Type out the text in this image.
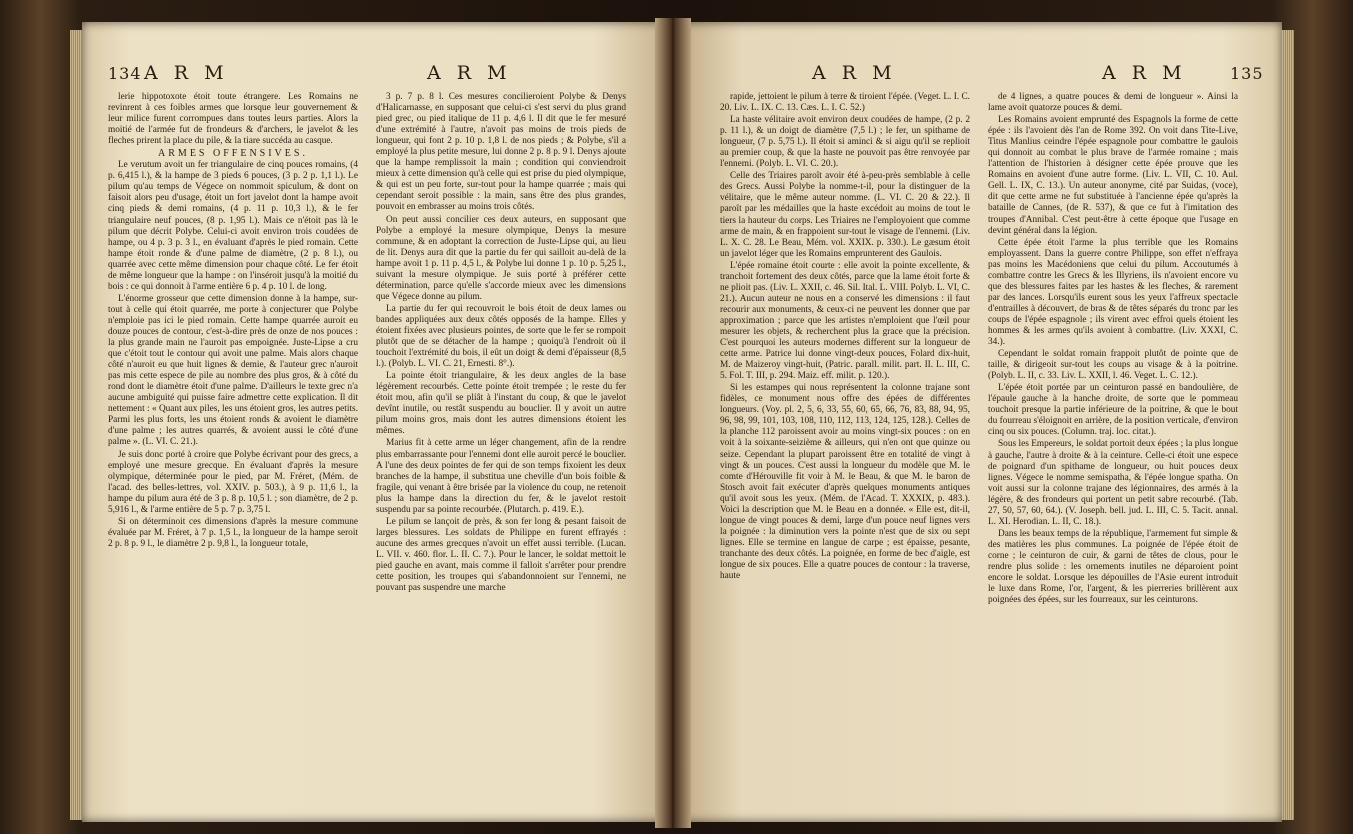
134 A R M	A R M

lerie hippotoxote étoit toute étrangere. Les Romains ne revinrent à ces foibles armes que lorsque leur gouvernement & leur milice furent corrompues dans toutes leurs parties. Alors la moitié de l'armée fut de frondeurs & d'archers, le javelot & les fleches prirent la place du pile, & la tiare succéda au casque.

ARMES OFFENSIVES.

Le verutum avoit un fer triangulaire de cinq pouces romains, (4 p. 6,415 l.), & la hampe de 3 pieds 6 pouces, (3 p. 2 p. 1,1 l.). Le pilum qu'au temps de Végece on nommoit spiculum, & dont on faisoit alors peu d'usage, étoit un fort javelot dont la hampe avoit cinq pieds & demi romains, (4 p. 11 p. 10,3 l.), & le fer triangulaire neuf pouces, (8 p. 1,95 l.). Mais ce n'étoit pas là le pilum que décrit Polybe. Celui-ci avoit environ trois coudées de hampe, ou 4 p. 3 p. 3 l., en évaluant d'après le pied romain. Cette hampe étoit ronde & d'une palme de diamètre, (2 p. 8 l.), ou quarrée avec cette même dimension pour chaque côté. Le fer étoit de même longueur que la hampe : on l'inséroit jusqu'à la moitié du bois : ce qui donnoit à l'arme entière 6 p. 4 p. 10 l. de long.

L'énorme grosseur que cette dimension donne à la hampe, sur-tout à celle qui étoit quarrée, me porte à conjecturer que Polybe n'emploie pas ici le pied romain. Cette hampe quarrée auroit eu douze pouces de contour, c'est-à-dire près de onze de nos pouces : la plus grande main ne l'auroit pas empoignée. Juste-Lipse a cru que c'étoit tout le contour qui avoit une palme. Mais alors chaque côté n'auroit eu que huit lignes & demie, & l'auteur grec n'auroit pas mis cette espece de pile au nombre des plus gros, & à côté du rond dont le diamètre étoit d'une palme. D'ailleurs le texte grec n'a aucune ambiguité qui puisse faire admettre cette explication. Il dit nettement : « Quant aux piles, les uns étoient gros, les autres petits. Parmi les plus forts, les uns étoient ronds & avoient le diamètre d'une palme ; les autres quarrés, & avoient aussi le côté d'une palme ». (L. VI. C. 21.).

Je suis donc porté à croire que Polybe écrivant pour des grecs, a employé une mesure grecque. En évaluant d'après la mesure olympique, déterminée pour le pied, par M. Fréret, (Mém. de l'acad. des belles-lettres, vol. XXIV. p. 503.), à 9 p. 11,6 l., la hampe du pilum aura été de 3 p. 8 p. 10,5 l. ; son diamètre, de 2 p. 5,916 l., & l'arme entière de 5 p. 7 p. 3,75 l.

Si on déterminoit ces dimensions d'après la mesure commune évaluée par M. Fréret, à 7 p. 1,5 l., la longueur de la hampe seroit 2 p. 8 p. 9 l., le diamètre 2 p. 9,8 l., la longueur totale,

3 p. 7 p. 8 l. Ces mesures concilieroient Polybe & Denys d'Halicarnasse, en supposant que celui-ci s'est servi du plus grand pied grec, ou pied italique de 11 p. 4,6 l. Il dit que le fer mesuré d'une extrémité à l'autre, n'avoit pas moins de trois pieds de longueur, qui font 2 p. 10 p. 1,8 l. de nos pieds ; & Polybe, s'il a employé la plus petite mesure, lui donne 2 p. 8 p. 9 l. Denys ajoute que la hampe remplissoit la main ; condition qui conviendroit mieux à cette dimension qu'à celle qui est prise du pied olympique, & qui est un peu forte, sur-tout pour la hampe quarrée ; mais qui cependant seroit possible : la main, sans être des plus grandes, pouvoit en embrasser au moins trois côtés.

On peut aussi concilier ces deux auteurs, en supposant que Polybe a employé la mesure olympique, Denys la mesure commune, & en adoptant la correction de Juste-Lipse qui, au lieu de lit. Denys aura dit que la partie du fer qui sailloit au-delà de la hampe avoit 1 p. 11 p. 4,5 l., & Polybe lui donne 1 p. 10 p. 5,25 l., suivant la mesure olympique. Je suis porté à préférer cette détermination, parce qu'elle s'accorde mieux avec les dimensions que Végece donne au pilum.

La partie du fer qui recouvroit le bois étoit de deux lames ou bandes appliquées aux deux côtés opposés de la hampe. Elles y étoient fixées avec plusieurs pointes, de sorte que le fer se rompoit plutôt que de se détacher de la hampe ; quoiqu'à l'endroit où il touchoit l'extrémité du bois, il eût un doigt & demi d'épaisseur (8,5 l.). (Polyb. L. VI. C. 21, Ernesti. 8°.).

La pointe étoit triangulaire, & les deux angles de la base légèrement recourbés. Cette pointe étoit trempée ; le reste du fer étoit mou, afin qu'il se pliât à l'instant du coup, & que le javelot devînt inutile, ou restât suspendu au bouclier. Il y avoit un autre pilum moins gros, mais dont les autres dimensions étoient les mêmes.

Marius fit à cette arme un léger changement, afin de la rendre plus embarrassante pour l'ennemi dont elle auroit percé le bouclier. A l'une des deux pointes de fer qui de son temps fixoient les deux branches de la hampe, il substitua une cheville d'un bois foible & fragile, qui venant à être brisée par la violence du coup, ne retenoit plus la hampe dans la direction du fer, & le javelot restoit suspendu par sa pointe recourbée. (Plutarch. p. 419. E.).

Le pilum se lançoit de près, & son fer long & pesant faisoit de larges blessures. Les soldats de Philippe en furent effrayés : aucune des armes grecques n'avoit un effet aussi terrible. (Lucan. L. VII. v. 460. flor. L. II. C. 7.). Pour le lancer, le soldat mettoit le pied gauche en avant, mais comme il falloit s'arrêter pour prendre cette position, les troupes qui s'abandonnoient sur l'ennemi, ne pouvant pas suspendre une marche

A R M	A R M	135

rapide, jettoient le pilum à terre & tiroient l'épée. (Veget. L. I. C. 20. Liv. L. IX. C. 13. Cæs. L. I. C. 52.)

La haste vélitaire avoit environ deux coudées de hampe, (2 p. 2 p. 11 l.), & un doigt de diamètre (7,5 l.) ; le fer, un spithame de longueur, (7 p. 5,75 l.). Il étoit si aminci & si aigu qu'il se replioit au premier coup, & que la haste ne pouvoit pas être renvoyée par l'ennemi. (Polyb. L. VI. C. 20.).

Celle des Triaires paroît avoir été à-peu-près semblable à celle des Grecs. Aussi Polybe la nomme-t-il, pour la distinguer de la vélitaire, que le même auteur nomme. (L. VI. C. 20 & 22.). Il paroît par les médailles que la haste excédoit au moins de tout le tiers la hauteur du corps. Les Triaires ne l'employoient que comme arme de main, & en frappoient sur-tout le visage de l'ennemi. (Liv. L. X. C. 28. Le Beau, Mém. vol. XXIX. p. 330.). Le gæsum étoit un javelot léger que les Romains emprunterent des Gaulois.

L'épée romaine étoit courte : elle avoit la pointe excellente, & tranchoit fortement des deux côtés, parce que la lame étoit forte & ne plioit pas. (Liv. L. XXII, c. 46. Sil. Ital. L. VIII. Polyb. L. VI, C. 21.). Aucun auteur ne nous en a conservé les dimensions : il faut recourir aux monuments, & ceux-ci ne peuvent les donner que par approximation ; parce que les artistes n'emploient que l'œil pour mesurer les objets, & recherchent plus la grace que la précision. C'est pourquoi les auteurs modernes different sur la longueur de cette arme. Patrice lui donne vingt-deux pouces, Folard dix-huit, M. de Maizeroy vingt-huit, (Patric. parall. milit. part. II. L. III, C. 5. Fol. T. III, p. 294. Maiz. eff. milit. p. 120.).

Si les estampes qui nous représentent la colonne trajane sont fidèles, ce monument nous offre des épées de différentes longueurs. (Voy. pl. 2, 5, 6, 33, 55, 60, 65, 66, 76, 83, 88, 94, 95, 96, 98, 99, 101, 103, 108, 110, 112, 113, 124, 125, 128.). Celles de la planche 112 paroissent avoir au moins vingt-six pouces : on en voit à la soixante-seizième & ailleurs, qui n'en ont que quinze ou seize. Cependant la plupart paroissent être en totalité de vingt à vingt & un pouces. C'est aussi la longueur du modèle que M. le comte d'Hérouville fit voir à M. le Beau, & que M. le baron de Stosch avoit fait exécuter d'après quelques monuments antiques qu'il avoit sous les yeux. (Mém. de l'Acad. T. XXXIX, p. 483.). Voici la description que M. le Beau en a donnée. « Elle est, dit-il, longue de vingt pouces & demi, large d'un pouce neuf lignes vers la poignée : la diminution vers la pointe n'est que de six ou sept lignes. Elle se termine en langue de carpe ; est épaisse, pesante, tranchante des deux côtés. La poignée, en forme de bec d'aigle, est longue de six pouces. Elle a quatre pouces de contour : la traverse, haute

de 4 lignes, a quatre pouces & demi de longueur ». Ainsi la lame avoit quatorze pouces & demi.

Les Romains avoient emprunté des Espagnols la forme de cette épée : ils l'avoient dès l'an de Rome 392. On voit dans Tite-Live, Titus Manlius ceindre l'épée espagnole pour combattre le gaulois qui donnoit au combat le plus brave de l'armée romaine ; mais l'attention de l'historien à désigner cette épée prouve que les Romains en avoient d'une autre forme. (Liv. L. VII, C. 10. Aul. Gell. L. IX, C. 13.). Un auteur anonyme, cité par Suidas, (voce), dit que cette arme ne fut substituée à l'ancienne épée qu'après la bataille de Cannes, (de R. 537), & que ce fut à l'imitation des troupes d'Annibal. C'est peut-être à cette époque que l'usage en devint général dans la légion.

Cette épée étoit l'arme la plus terrible que les Romains employassent. Dans la guerre contre Philippe, son effet n'effraya pas moins les Macédoniens que celui du pilum. Accoutumés à combattre contre les Grecs & les Illyriens, ils n'avoient encore vu que des blessures faites par les hastes & les fleches, & rarement par des lances. Lorsqu'ils eurent sous les yeux l'affreux spectacle d'entrailles à découvert, de bras & de têtes séparés du tronc par les coups de l'épée espagnole ; ils virent avec effroi quels étoient les hommes & les armes qu'ils avoient à combattre. (Liv. XXXI, C. 34.).

Cependant le soldat romain frappoit plutôt de pointe que de taille, & dirigeoit sur-tout les coups au visage & à la poitrine. (Polyb. L. II, c. 33. Liv. L. XXII, l. 46. Veget. L. C. 12.).

L'épée étoit portée par un ceinturon passé en bandoulière, de l'épaule gauche à la hanche droite, de sorte que le pommeau touchoit presque la partie inférieure de la poitrine, & que le bout du fourreau s'éloignoit en arrière, de la position verticale, d'environ cinq ou six pouces. (Column. traj. loc. citat.).

Sous les Empereurs, le soldat portoit deux épées ; la plus longue à gauche, l'autre à droite & à la ceinture. Celle-ci étoit une espece de poignard d'un spithame de longueur, ou huit pouces deux lignes. Végece le nomme semispatha, & l'épée longue spatha. On voit aussi sur la colonne trajane des légionnaires, des armés à la légère, & des frondeurs qui portent un petit sabre recourbé. (Tab. 27, 50, 57, 60, 64.). (V. Joseph. bell. jud. L. III, C. 5. Tacit. annal. L. XI. Herodian. L. II, C. 18.).

Dans les beaux temps de la république, l'armement fut simple & des matières les plus communes. La poignée de l'épée étoit de corne ; le ceinturon de cuir, & garni de têtes de clous, pour le rendre plus solide : les ornements inutiles ne déparoient point encore le soldat. Lorsque les dépouilles de l'Asie eurent introduit le luxe dans Rome, l'or, l'argent, & les pierreries brillèrent aux poignées des épées, sur les fourreaux, sur les ceinturons.
